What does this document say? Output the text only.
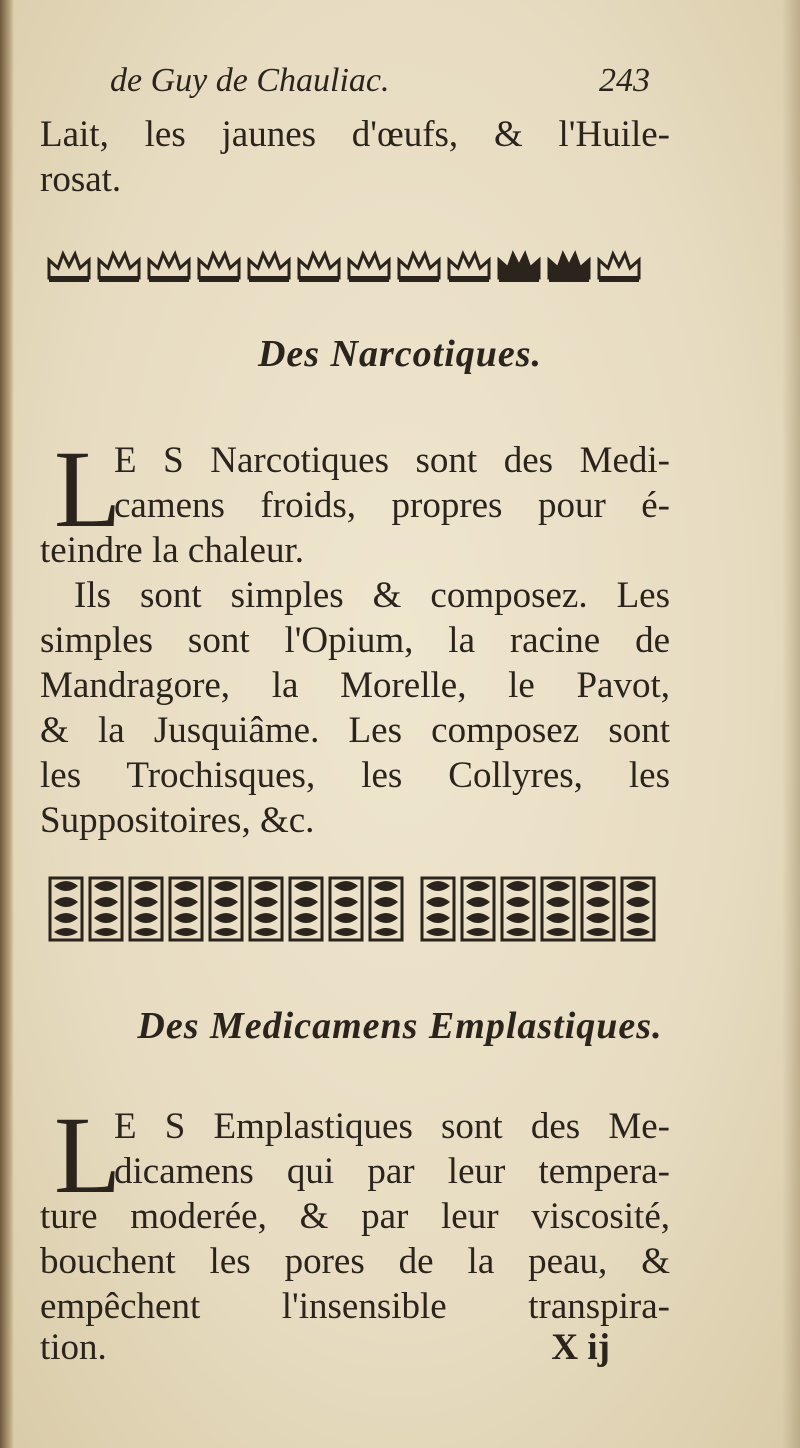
de Guy de Chauliac.	243
Lait, les jaunes d'œufs, & l'Huile-
rosat.
Des Narcotiques.
L
E S Narcotiques sont des Medi-
camens froids, propres pour é-
teindre la chaleur.
Ils sont simples & composez. Les
simples sont l'Opium, la racine de
Mandragore, la Morelle, le Pavot,
& la Jusquiâme. Les composez sont
les Trochisques, les Collyres, les
Suppositoires, &c.
Des Medicamens Emplastiques.
L
E S Emplastiques sont des Me-
dicamens qui par leur tempera-
ture moderée, & par leur viscosité,
bouchent les pores de la peau, &
empêchent l'insensible transpira-
tion.	X ij
